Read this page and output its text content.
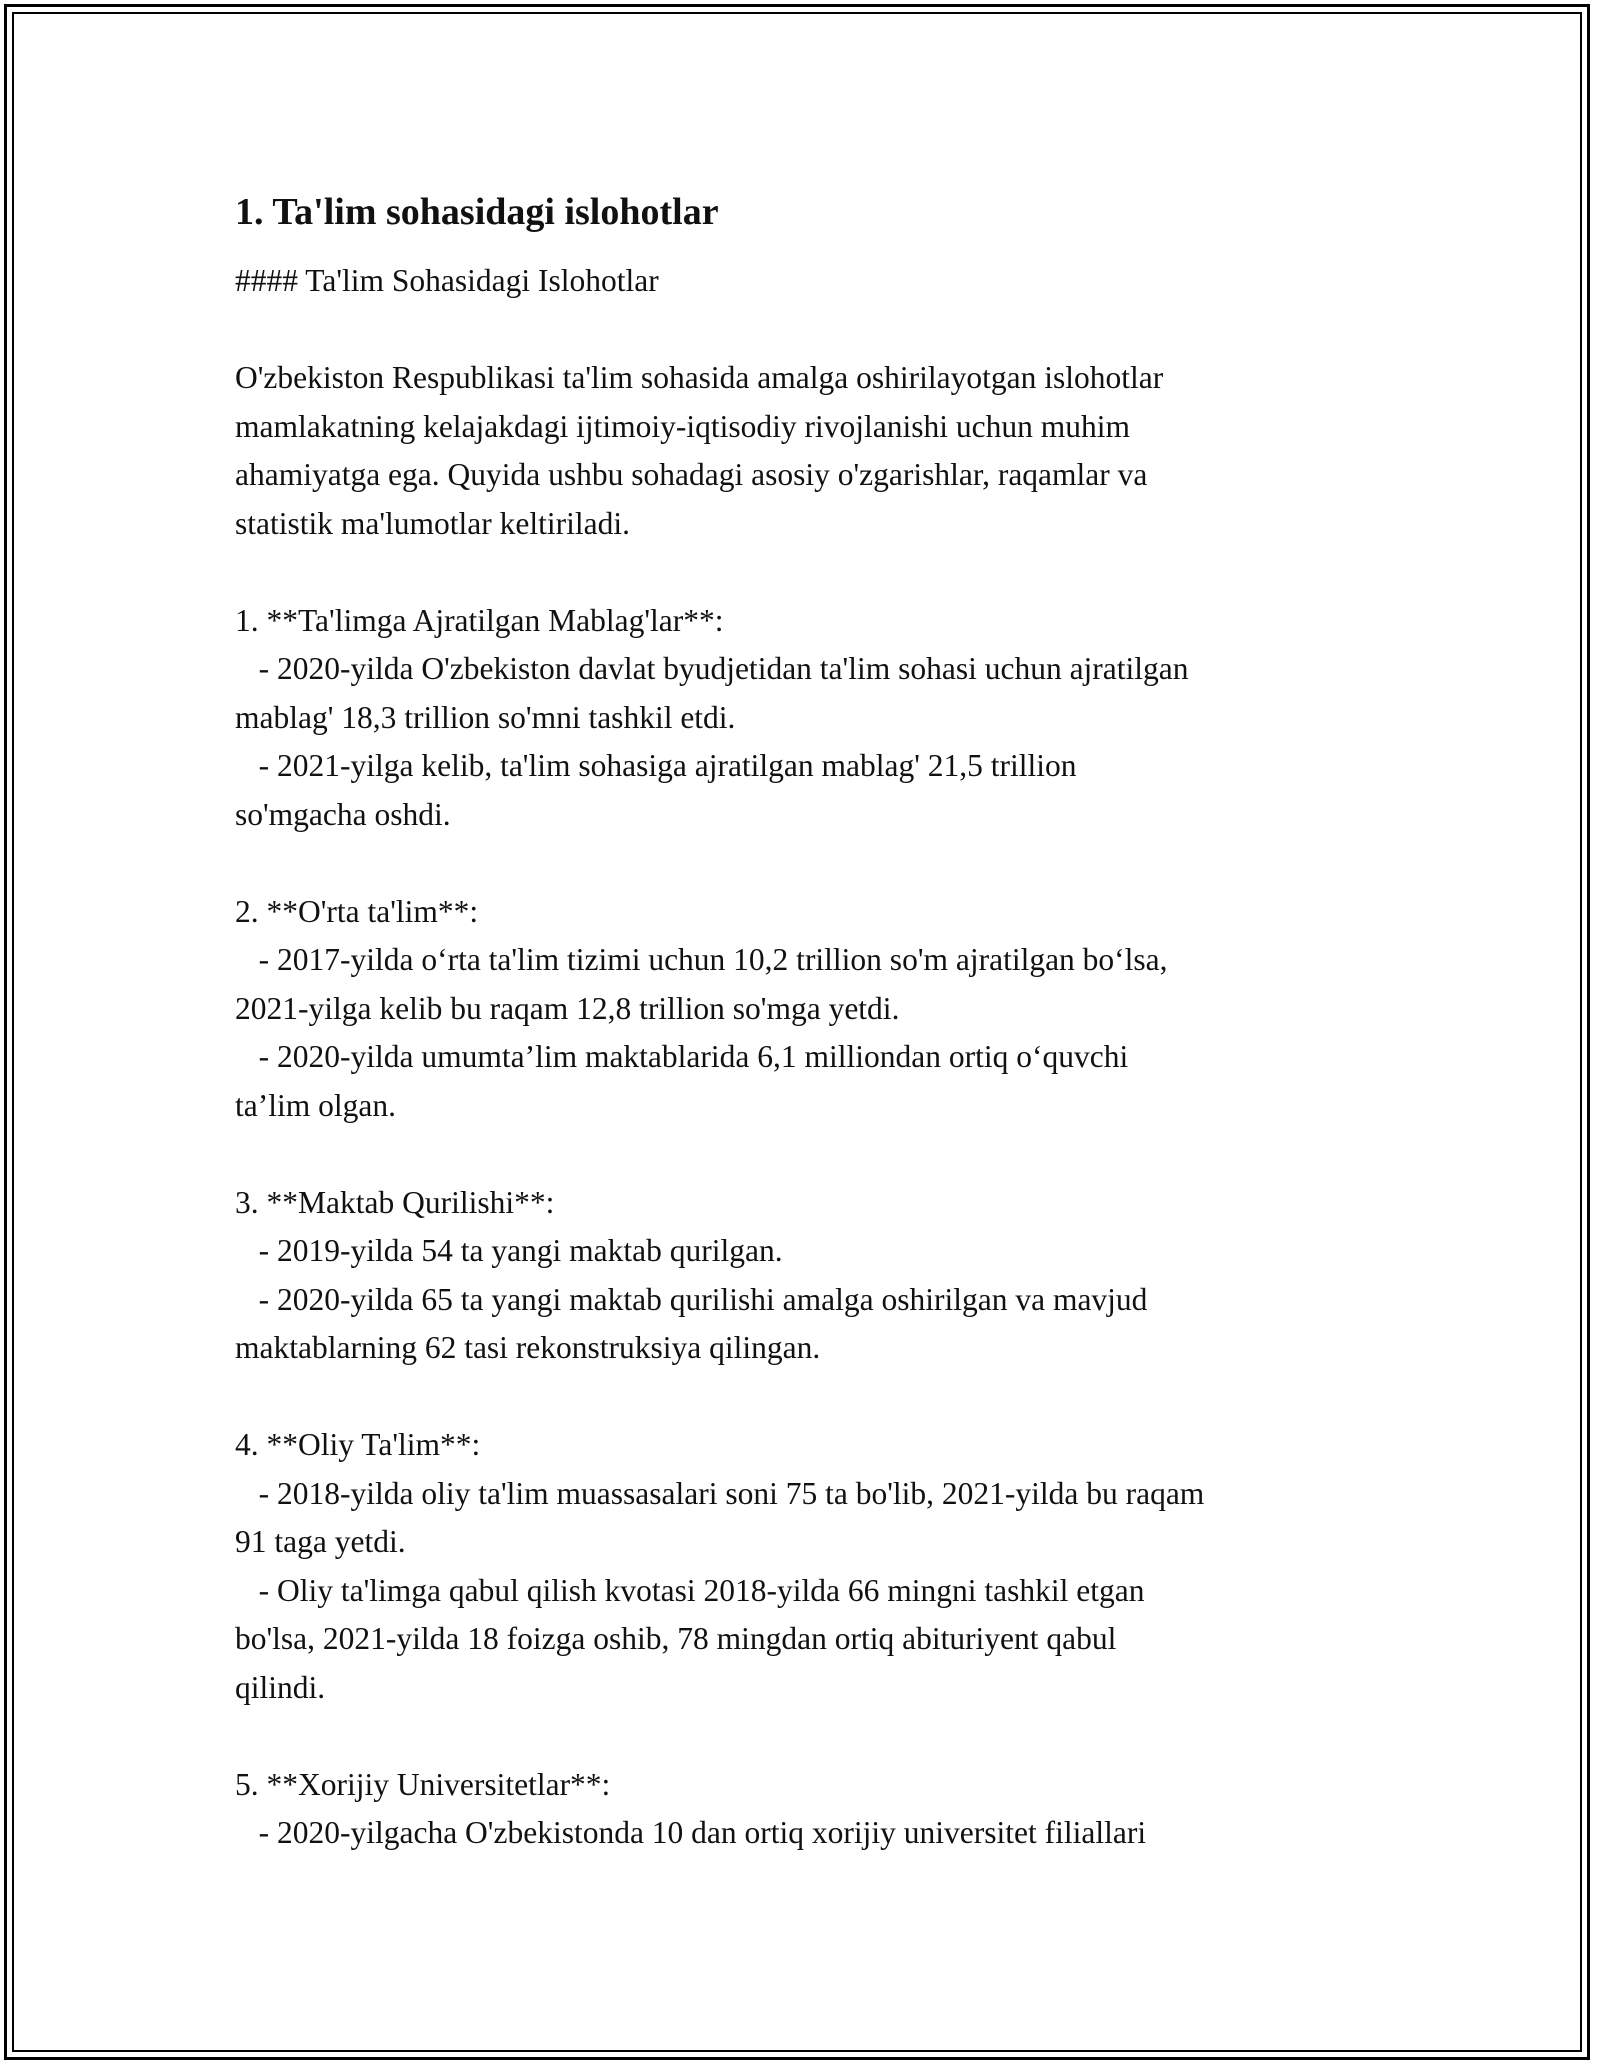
1. Ta'lim sohasidagi islohotlar
#### Ta'lim Sohasidagi Islohotlar
O'zbekiston Respublikasi ta'lim sohasida amalga oshirilayotgan islohotlar
mamlakatning kelajakdagi ijtimoiy-iqtisodiy rivojlanishi uchun muhim
ahamiyatga ega. Quyida ushbu sohadagi asosiy o'zgarishlar, raqamlar va
statistik ma'lumotlar keltiriladi.
1. **Ta'limga Ajratilgan Mablag'lar**:
- 2020-yilda O'zbekiston davlat byudjetidan ta'lim sohasi uchun ajratilgan
mablag' 18,3 trillion so'mni tashkil etdi.
- 2021-yilga kelib, ta'lim sohasiga ajratilgan mablag' 21,5 trillion
so'mgacha oshdi.
2. **O'rta ta'lim**:
- 2017-yilda o‘rta ta'lim tizimi uchun 10,2 trillion so'm ajratilgan bo‘lsa,
2021-yilga kelib bu raqam 12,8 trillion so'mga yetdi.
- 2020-yilda umumta’lim maktablarida 6,1 milliondan ortiq o‘quvchi
ta’lim olgan.
3. **Maktab Qurilishi**:
- 2019-yilda 54 ta yangi maktab qurilgan.
- 2020-yilda 65 ta yangi maktab qurilishi amalga oshirilgan va mavjud
maktablarning 62 tasi rekonstruksiya qilingan.
4. **Oliy Ta'lim**:
- 2018-yilda oliy ta'lim muassasalari soni 75 ta bo'lib, 2021-yilda bu raqam
91 taga yetdi.
- Oliy ta'limga qabul qilish kvotasi 2018-yilda 66 mingni tashkil etgan
bo'lsa, 2021-yilda 18 foizga oshib, 78 mingdan ortiq abituriyent qabul
qilindi.
5. **Xorijiy Universitetlar**:
- 2020-yilgacha O'zbekistonda 10 dan ortiq xorijiy universitet filiallari
